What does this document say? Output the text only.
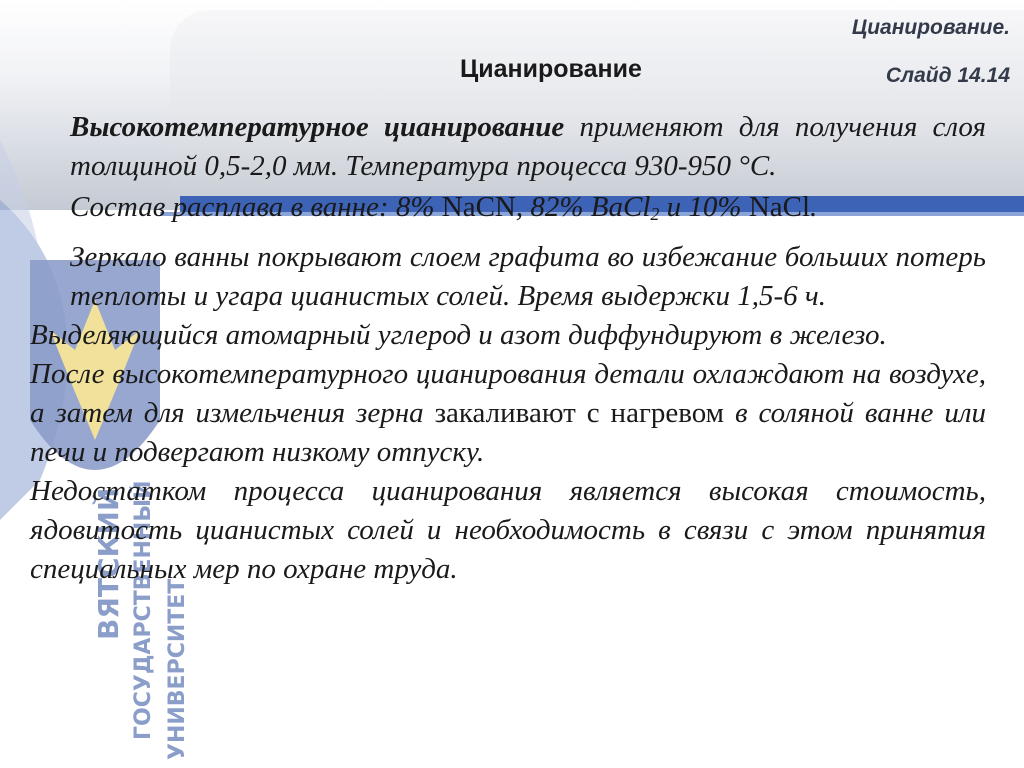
ВЯТСКИЙ ГОСУДАРСТВЕННЫЙ УНИВЕРСИТЕТ
Цианирование.
Слайд 14.14
Цианирование

Высокотемпературное цианирование применяют для получения слоя толщиной 0,5-2,0 мм. Температура процесса 930-950 °С.

Состав расплава в ванне: 8% NaCN, 82% BaCl$_2$ и 10% NaCl.

Зеркало ванны покрывают слоем графита во избежание больших потерь теплоты и угара цианистых солей. Время выдержки 1,5-6 ч.

Выделяющийся атомарный углерод и азот диффундируют в железо.

После высокотемпературного цианирования детали охлаждают на воздухе, а затем для измельчения зерна закаливают с нагревом в соляной ванне или печи и подвергают низкому отпуску.

Недостатком процесса цианирования является высокая стоимость, ядовитость цианистых солей и необходимость в связи с этом принятия специальных мер по охране труда.
